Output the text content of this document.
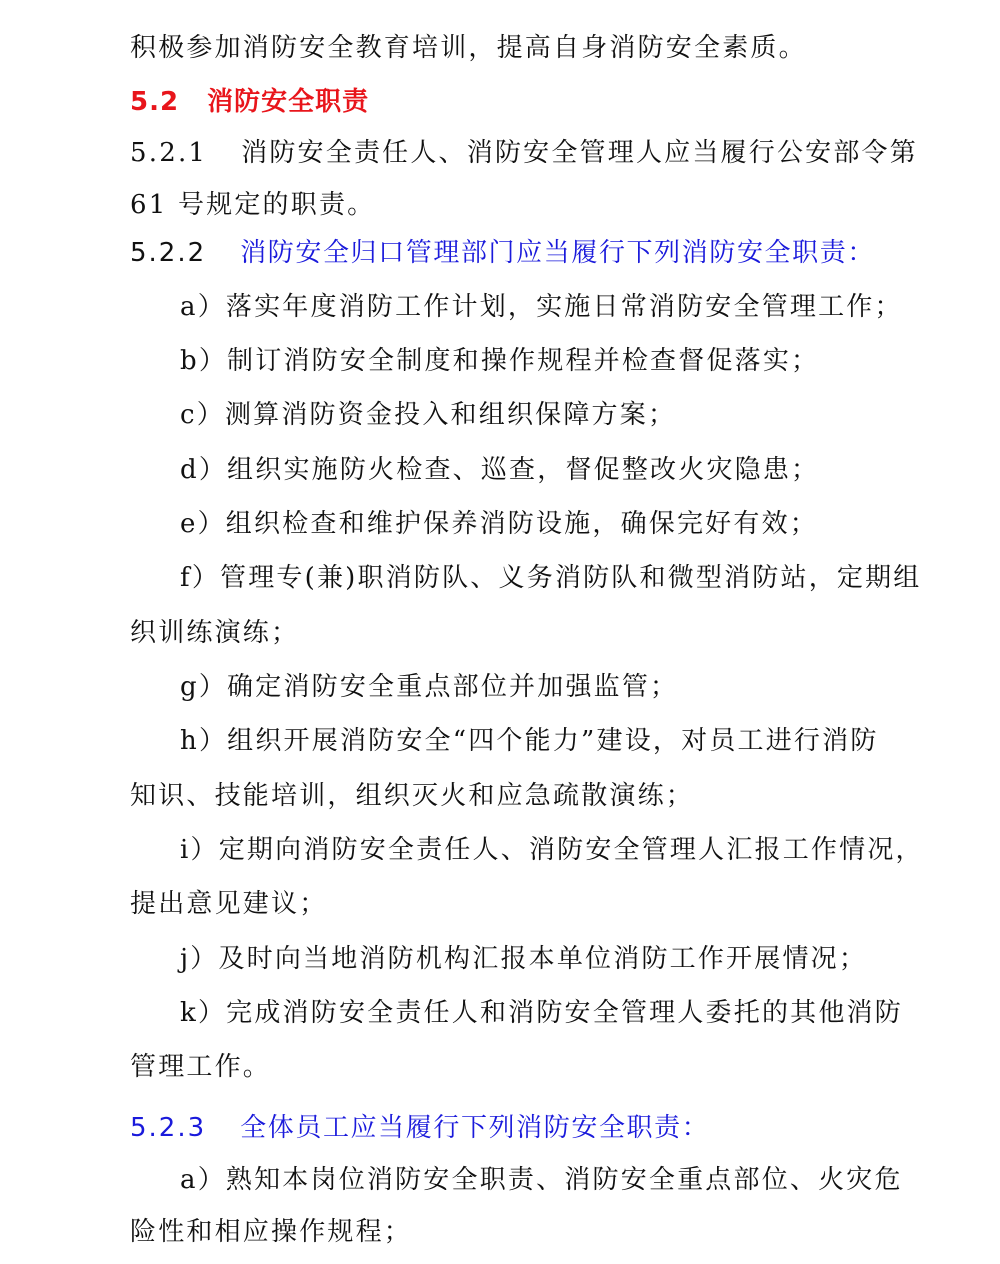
积极参加消防安全教育培训，提高自身消防安全素质。
5.2 消防安全职责
5.2.1 消防安全责任人、消防安全管理人应当履行公安部令第
61 号规定的职责。
5.2.2 消防安全归口管理部门应当履行下列消防安全职责：
a）落实年度消防工作计划，实施日常消防安全管理工作；
b）制订消防安全制度和操作规程并检查督促落实；
c）测算消防资金投入和组织保障方案；
d）组织实施防火检查、巡查，督促整改火灾隐患；
e）组织检查和维护保养消防设施，确保完好有效；
f）管理专(兼)职消防队、义务消防队和微型消防站，定期组
织训练演练；
g）确定消防安全重点部位并加强监管；
h）组织开展消防安全“四个能力”建设，对员工进行消防
知识、技能培训，组织灭火和应急疏散演练；
i）定期向消防安全责任人、消防安全管理人汇报工作情况，
提出意见建议；
j）及时向当地消防机构汇报本单位消防工作开展情况；
k）完成消防安全责任人和消防安全管理人委托的其他消防
管理工作。
5.2.3 全体员工应当履行下列消防安全职责：
a）熟知本岗位消防安全职责、消防安全重点部位、火灾危
险性和相应操作规程；
